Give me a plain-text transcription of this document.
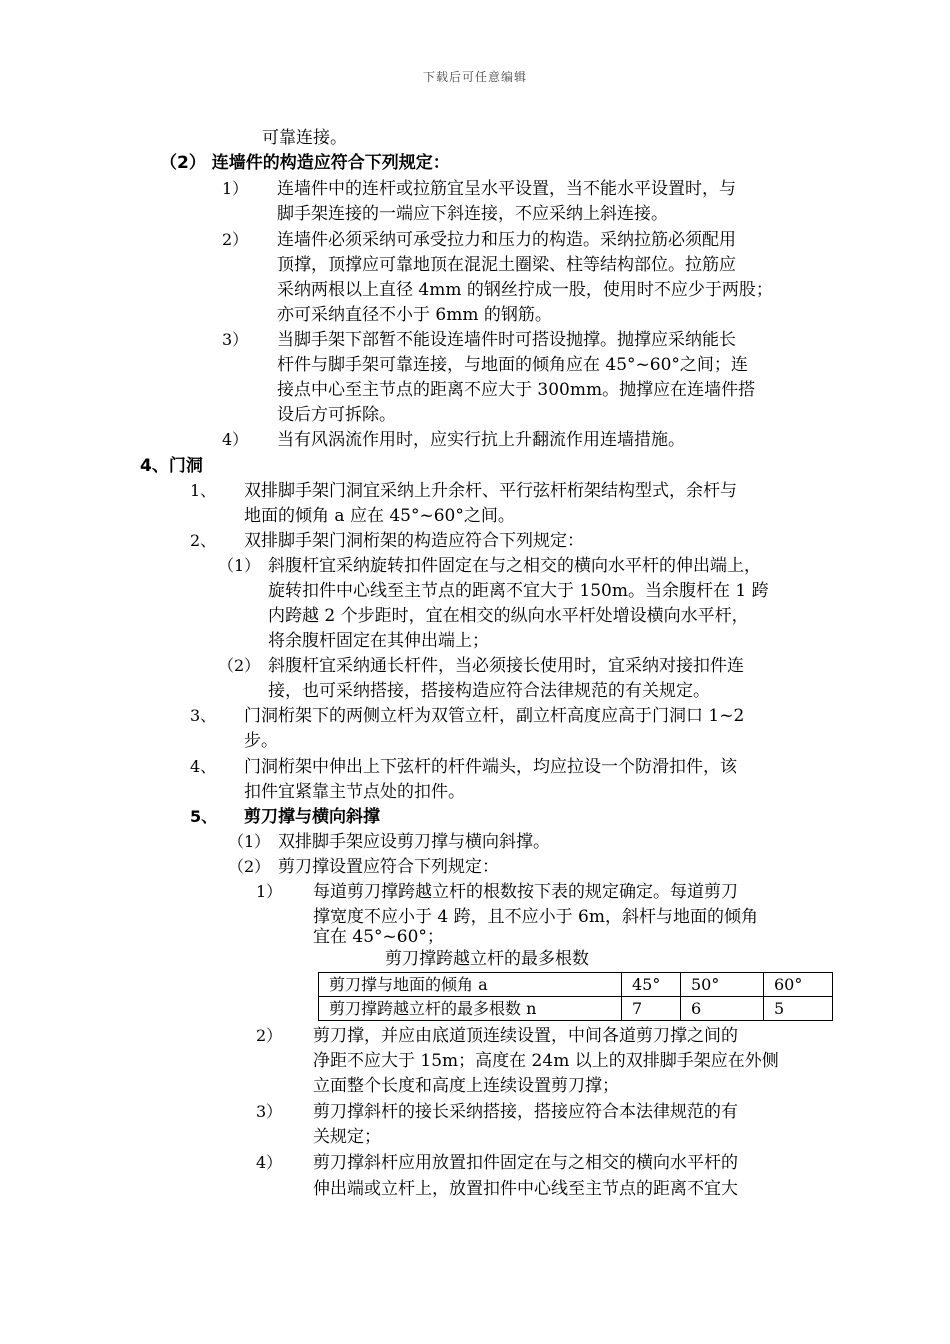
下载后可任意编辑
可靠连接。
（2） 连墙件的构造应符合下列规定：
1） 连墙件中的连杆或拉筋宜呈水平设置，当不能水平设置时，与
脚手架连接的一端应下斜连接，不应采纳上斜连接。
2） 连墙件必须采纳可承受拉力和压力的构造。采纳拉筋必须配用
顶撑，顶撑应可靠地顶在混泥土圈梁、柱等结构部位。拉筋应
采纳两根以上直径 4mm 的钢丝拧成一股，使用时不应少于两股；
亦可采纳直径不小于 6mm 的钢筋。
3） 当脚手架下部暂不能设连墙件时可搭设抛撑。抛撑应采纳能长
杆件与脚手架可靠连接，与地面的倾角应在 45°~60°之间；连
接点中心至主节点的距离不应大于 300mm。抛撑应在连墙件搭
设后方可拆除。
4） 当有风涡流作用时，应实行抗上升翻流作用连墙措施。
4、门洞
1、 双排脚手架门洞宜采纳上升余杆、平行弦杆桁架结构型式，余杆与
地面的倾角 a 应在 45°~60°之间。
2、 双排脚手架门洞桁架的构造应符合下列规定：
（1） 斜腹杆宜采纳旋转扣件固定在与之相交的横向水平杆的伸出端上，
旋转扣件中心线至主节点的距离不宜大于 150m。当余腹杆在 1 跨
内跨越 2 个步距时，宜在相交的纵向水平杆处增设横向水平杆，
将余腹杆固定在其伸出端上；
（2） 斜腹杆宜采纳通长杆件，当必须接长使用时，宜采纳对接扣件连
接，也可采纳搭接，搭接构造应符合法律规范的有关规定。
3、 门洞桁架下的两侧立杆为双管立杆，副立杆高度应高于门洞口 1~2
步。
4、 门洞桁架中伸出上下弦杆的杆件端头，均应拉设一个防滑扣件，该
扣件宜紧靠主节点处的扣件。
5、 剪刀撑与横向斜撑
（1） 双排脚手架应设剪刀撑与横向斜撑。
（2） 剪刀撑设置应符合下列规定：
1） 每道剪刀撑跨越立杆的根数按下表的规定确定。每道剪刀
撑宽度不应小于 4 跨，且不应小于 6m，斜杆与地面的倾角
宜在 45°~60°；
剪刀撑跨越立杆的最多根数
剪刀撑与地面的倾角 a	45°	50°	60°
剪刀撑跨越立杆的最多根数 n	7	6	5
2） 剪刀撑，并应由底道顶连续设置，中间各道剪刀撑之间的
净距不应大于 15m；高度在 24m 以上的双排脚手架应在外侧
立面整个长度和高度上连续设置剪刀撑；
3） 剪刀撑斜杆的接长采纳搭接，搭接应符合本法律规范的有
关规定；
4） 剪刀撑斜杆应用放置扣件固定在与之相交的横向水平杆的
伸出端或立杆上，放置扣件中心线至主节点的距离不宜大
